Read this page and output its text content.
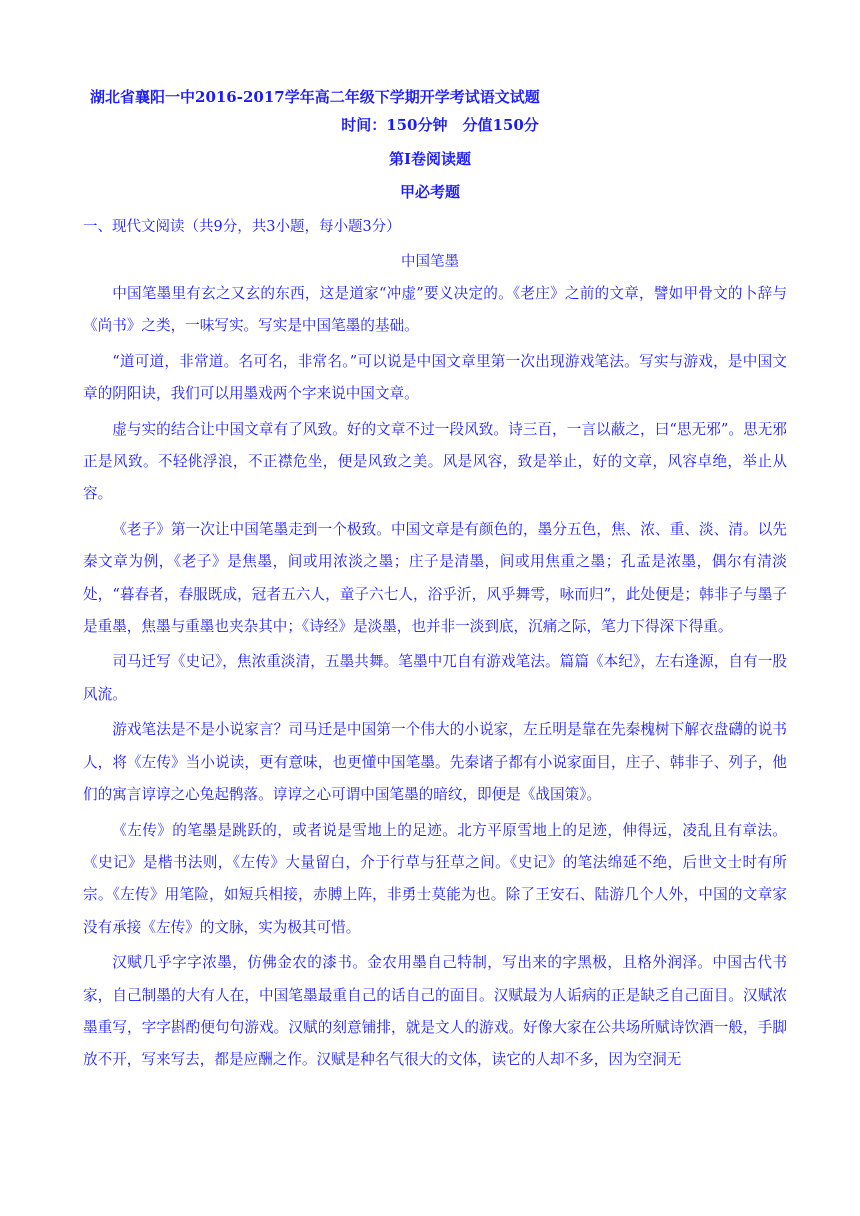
湖北省襄阳一中2016-2017学年高二年级下学期开学考试语文试题
时间：150分钟　分值150分
第Ⅰ卷阅读题
甲必考题
一、现代文阅读（共9分，共3小题，每小题3分）
中国笔墨

中国笔墨里有玄之又玄的东西，这是道家“冲虚”要义决定的。《老庄》之前的文章，譬如甲骨文的卜辞与《尚书》之类，一味写实。写实是中国笔墨的基础。

“道可道，非常道。名可名，非常名。”可以说是中国文章里第一次出现游戏笔法。写实与游戏，是中国文章的阴阳诀，我们可以用墨戏两个字来说中国文章。

虚与实的结合让中国文章有了风致。好的文章不过一段风致。诗三百，一言以蔽之，曰“思无邪”。思无邪正是风致。不轻佻浮浪，不正襟危坐，便是风致之美。风是风容，致是举止，好的文章，风容卓绝，举止从容。

《老子》第一次让中国笔墨走到一个极致。中国文章是有颜色的，墨分五色，焦、浓、重、淡、清。以先秦文章为例，《老子》是焦墨，间或用浓淡之墨；庄子是清墨，间或用焦重之墨；孔孟是浓墨，偶尔有清淡处，“暮春者，春服既成，冠者五六人，童子六七人，浴乎沂，风乎舞雩，咏而归”，此处便是；韩非子与墨子是重墨，焦墨与重墨也夹杂其中；《诗经》是淡墨，也并非一淡到底，沉痛之际，笔力下得深下得重。

司马迁写《史记》，焦浓重淡清，五墨共舞。笔墨中兀自有游戏笔法。篇篇《本纪》，左右逢源，自有一股风流。

游戏笔法是不是小说家言？司马迁是中国第一个伟大的小说家，左丘明是靠在先秦槐树下解衣盘礴的说书人，将《左传》当小说读，更有意味，也更懂中国笔墨。先秦诸子都有小说家面目，庄子、韩非子、列子，他们的寓言谆谆之心兔起鹘落。谆谆之心可谓中国笔墨的暗纹，即便是《战国策》。

《左传》的笔墨是跳跃的，或者说是雪地上的足迹。北方平原雪地上的足迹，伸得远，凌乱且有章法。《史记》是楷书法则，《左传》大量留白，介于行草与狂草之间。《史记》的笔法绵延不绝，后世文士时有所宗。《左传》用笔险，如短兵相接，赤膊上阵，非勇士莫能为也。除了王安石、陆游几个人外，中国的文章家没有承接《左传》的文脉，实为极其可惜。

汉赋几乎字字浓墨，仿佛金农的漆书。金农用墨自己特制，写出来的字黑极，且格外润泽。中国古代书家，自己制墨的大有人在，中国笔墨最重自己的话自己的面目。汉赋最为人诟病的正是缺乏自己面目。汉赋浓墨重写，字字斟酌便句句游戏。汉赋的刻意铺排，就是文人的游戏。好像大家在公共场所赋诗饮酒一般，手脚放不开，写来写去，都是应酬之作。汉赋是种名气很大的文体，读它的人却不多，因为空洞无
